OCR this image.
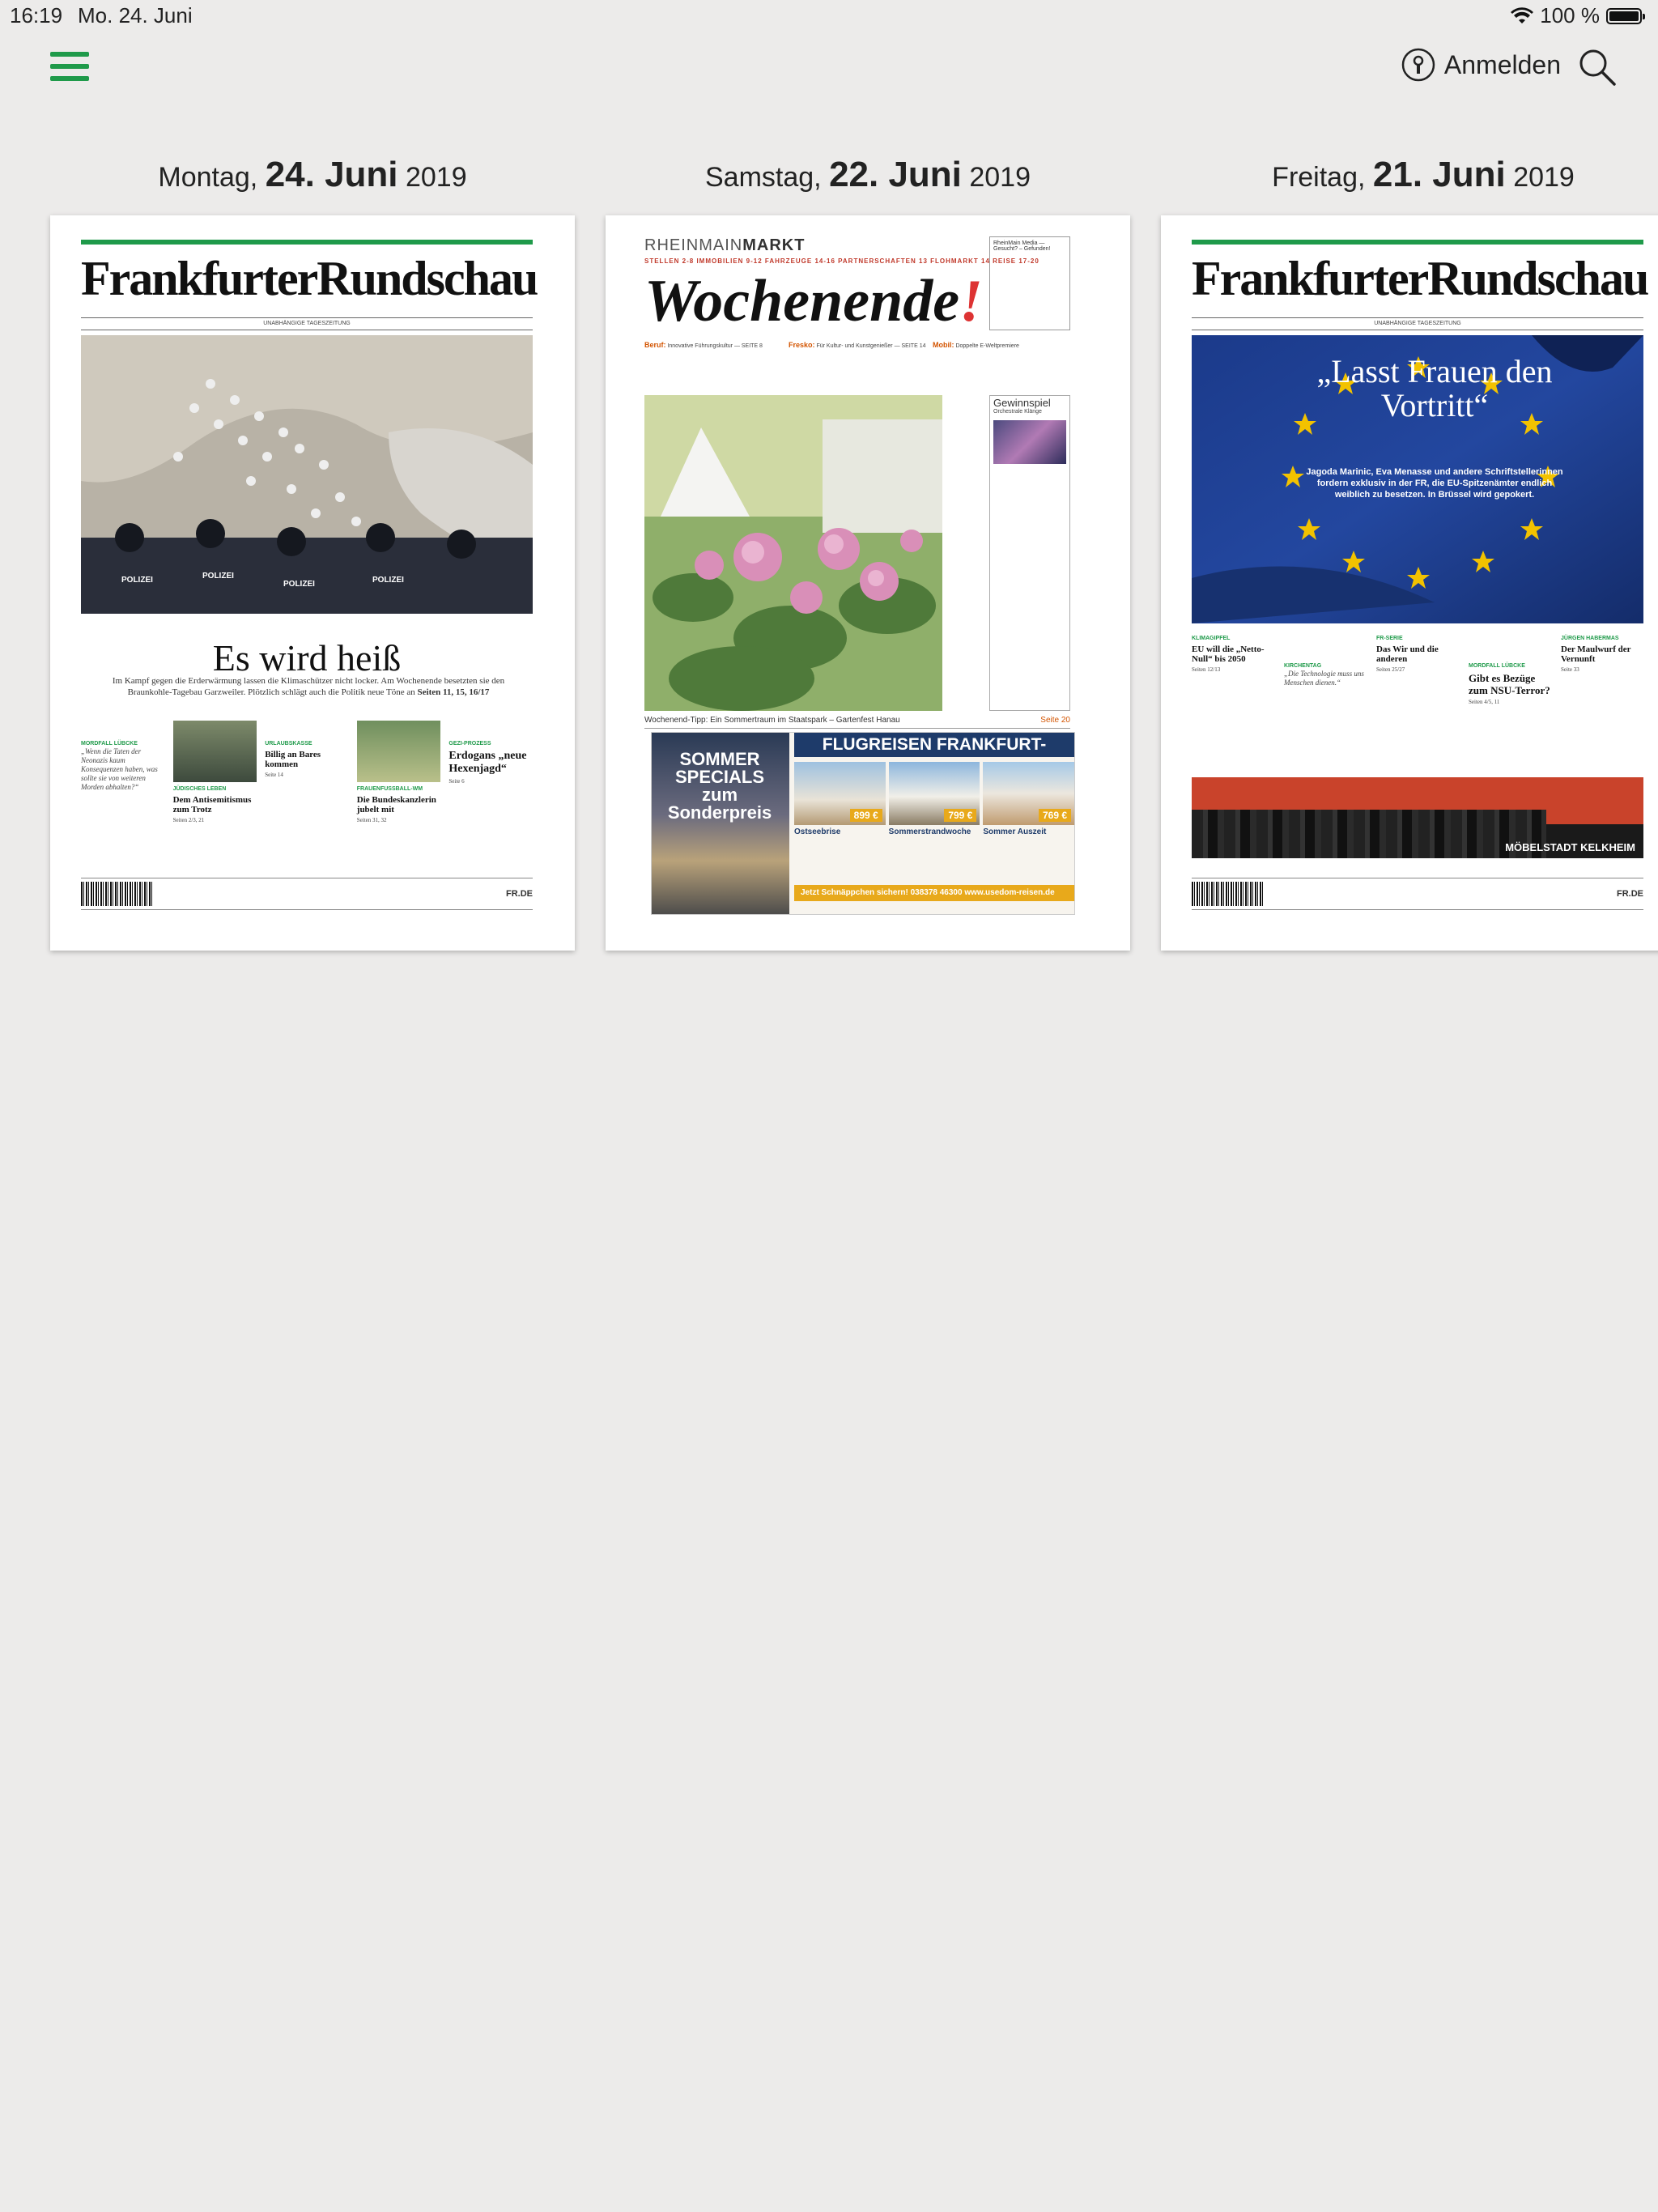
16:19 Mo. 24. Juni	100 %
Anmelden
Montag, 24. Juni 2019
FrankfurterRundschau
UNABHÄNGIGE TAGESZEITUNG
POLIZEI	POLIZEI
POLIZEI	POLIZEI
Es wird heiß
Im Kampf gegen die Erderwärmung lassen die Klimaschützer nicht locker. Am Wochenende besetzten sie den Braunkohle-Tagebau Garzweiler. Plötzlich schlägt auch die Politik neue Töne an Seiten 11, 15, 16/17
MORDFALL LÜBCKE
„Wenn die Taten der Neonazis kaum Konsequenzen haben, was sollte sie von weiteren Morden abhalten?“	JÜDISCHES LEBEN
Dem Antisemitismus zum Trotz
Seiten 2/3, 21
URLAUBSKASSE
Billig an Bares kommen
Seite 14
FRAUENFUSSBALL-WM
Die Bundeskanzlerin jubelt mit
Seiten 31, 32
GEZI-PROZESS
Erdogans „neue Hexenjagd“
Seite 6
FR.DE
Samstag, 22. Juni 2019
RHEINMAINMARKT
STELLEN 2-8 IMMOBILIEN 9-12 FAHRZEUGE 14-16 PARTNERSCHAFTEN 13 FLOHMARKT 14 REISE 17-20
RheinMain Media — Gesucht? – Gefunden!
Wochenende!
Beruf: Innovative Führungskultur — SEITE 8	Fresko: Für Kultur- und Kunstgenießer — SEITE 14 Mobil: Doppelte E-Weltpremiere
Gewinnspiel
Orchestrale Klänge
Wochenend-Tipp: Ein Sommertraum im Staatspark – Gartenfest Hanau	Seite 20
SOMMER SPECIALS zum Sonderpreis
FLUGREISEN FRANKFURT-
899 €	799 €	769 €
Ostseebrise	Sommerstrandwoche	Sommer Auszeit
Jetzt Schnäppchen sichern! 038378 46300 www.usedom-reisen.de
Freitag, 21. Juni 2019
FrankfurterRundschau
UNABHÄNGIGE TAGESZEITUNG
„Lasst Frauen den Vortritt“
Jagoda Marinic, Eva Menasse und andere Schriftstellerinnen fordern exklusiv in der FR, die EU-Spitzenämter endlich weiblich zu besetzen. In Brüssel wird gepokert.
KLIMAGIPFEL
EU will die „Netto-Null“ bis 2050
Seiten 12/13
KIRCHENTAG
„Die Technologie muss uns Menschen dienen.“
FR-SERIE
Das Wir und die anderen
Seiten 25/27
MORDFALL LÜBCKE
Gibt es Bezüge zum NSU-Terror?
Seiten 4/5, 11
JÜRGEN HABERMAS
Der Maulwurf der Vernunft
Seite 33
MÖBELSTADT KELKHEIM
FR.DE
